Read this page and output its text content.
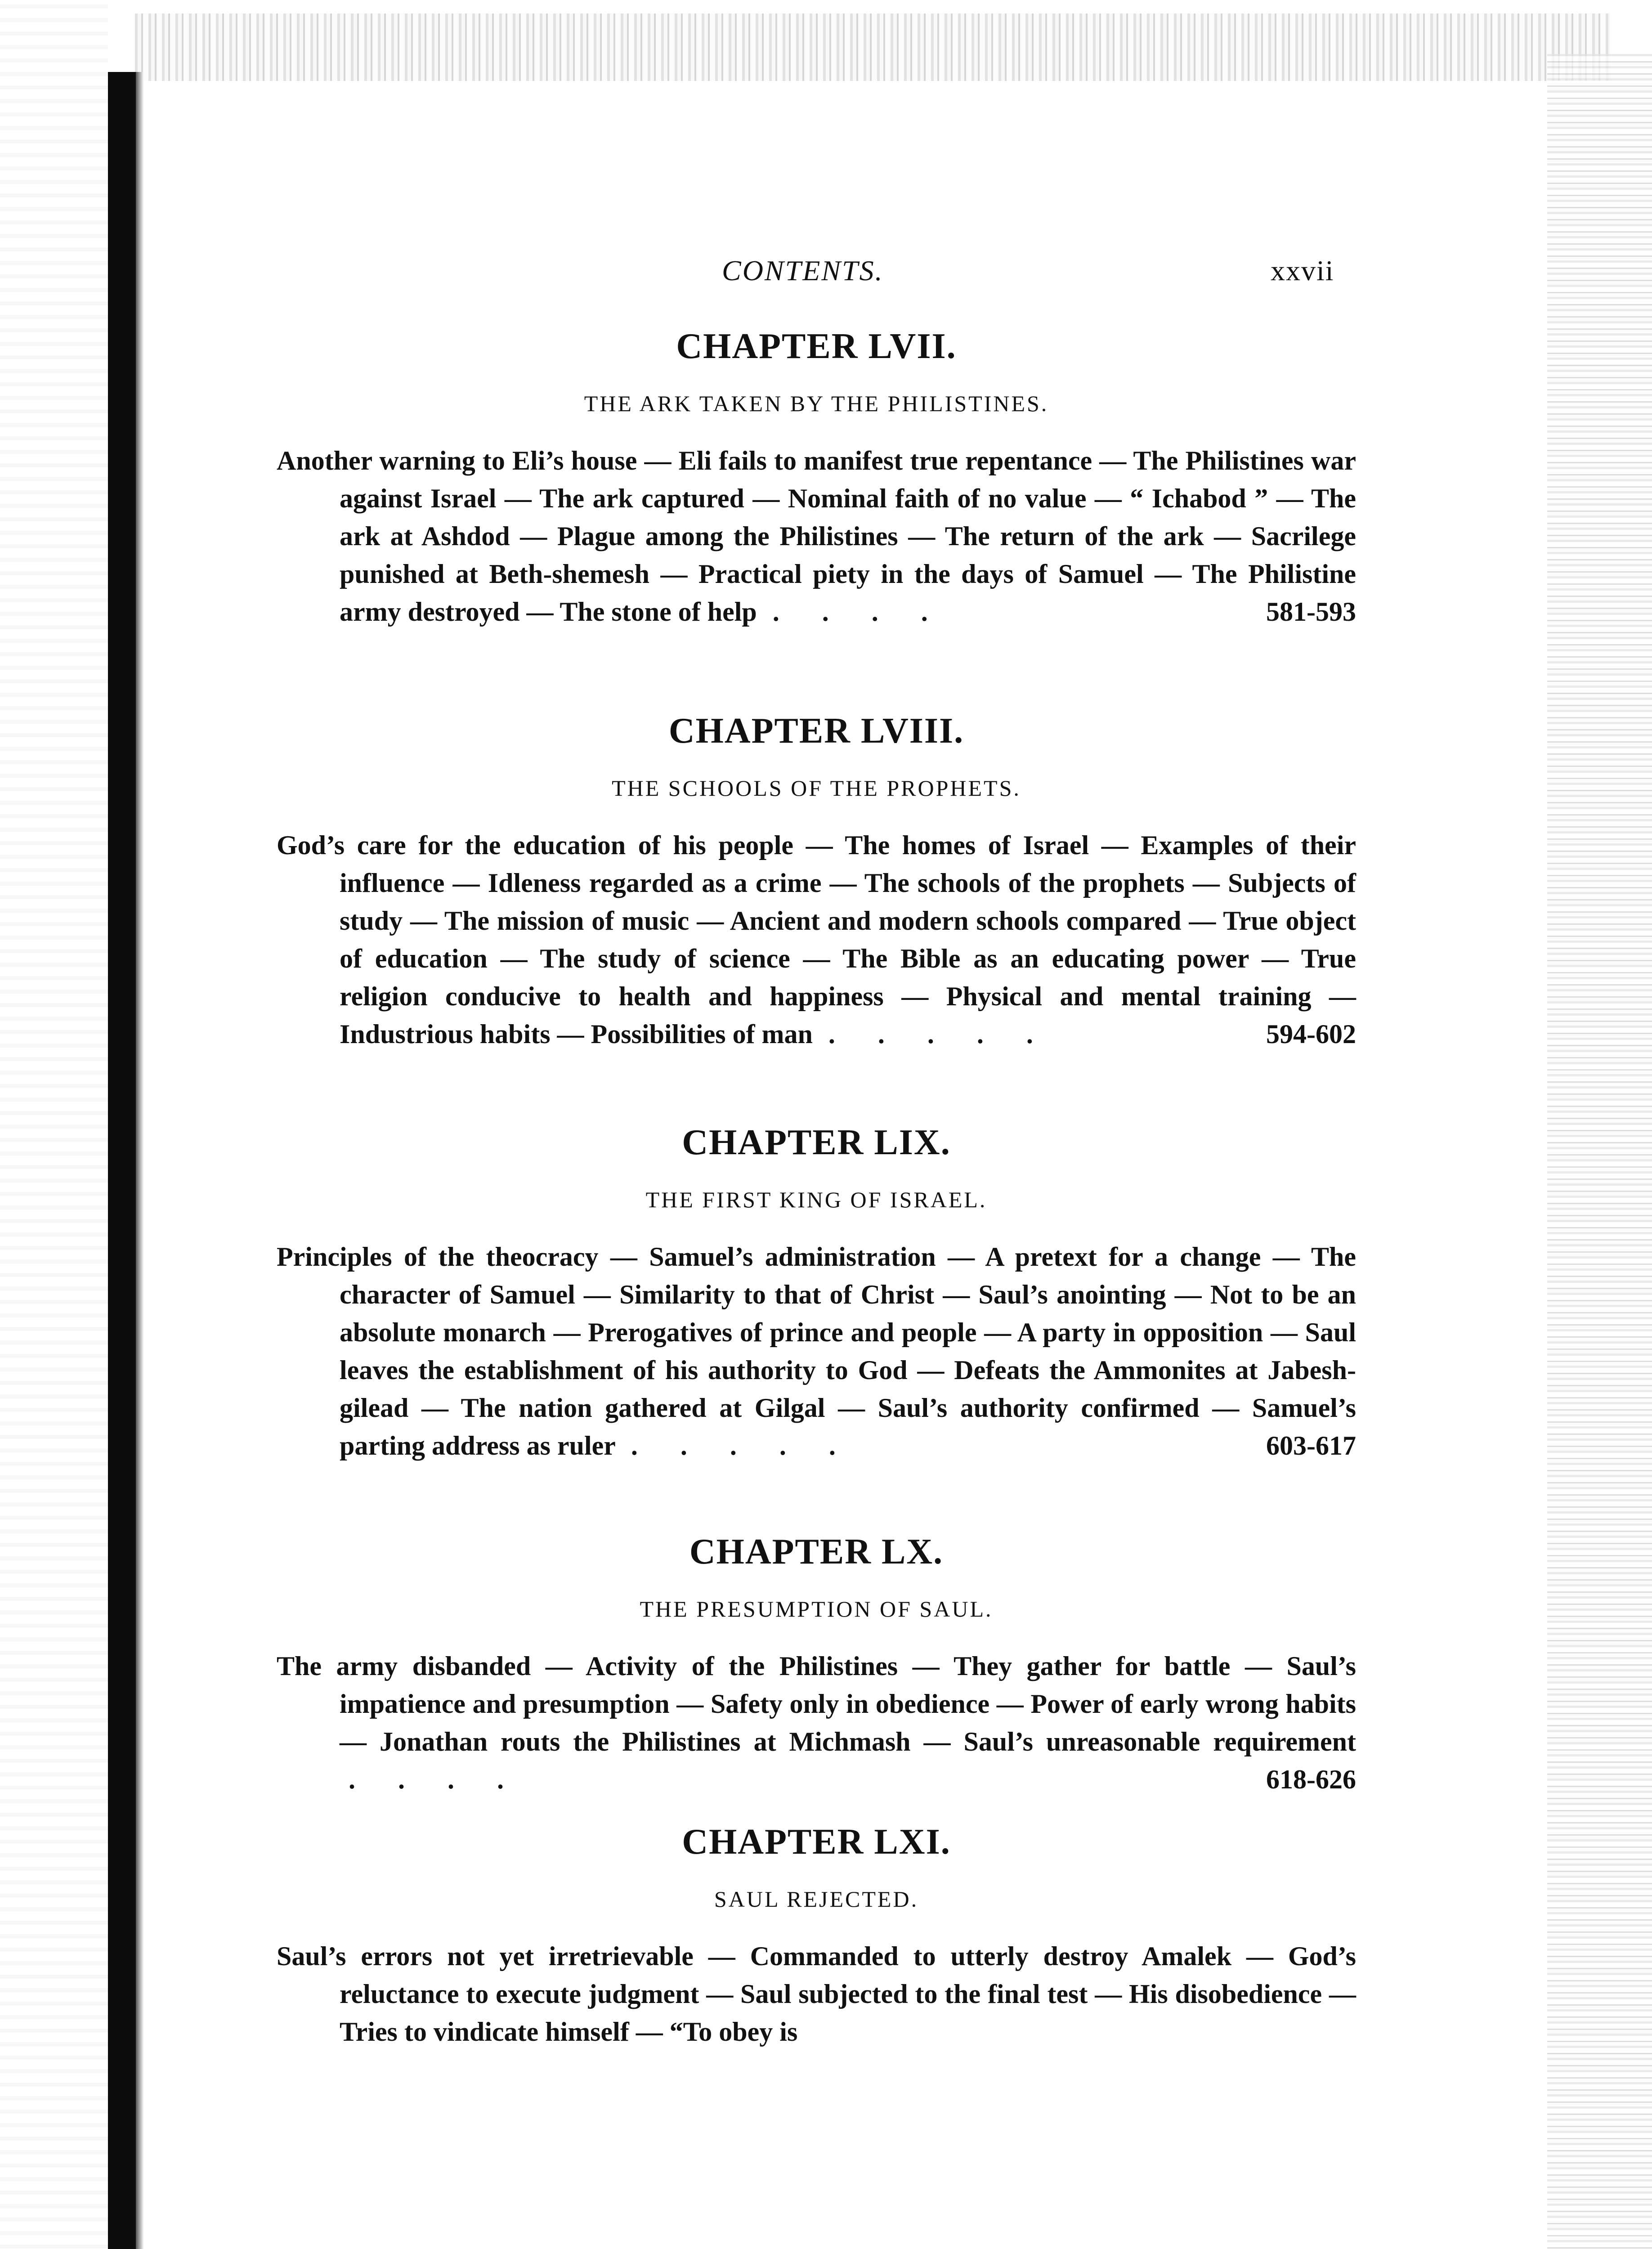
CONTENTS.	xxvii
CHAPTER LVII.
THE ARK TAKEN BY THE PHILISTINES.

Another warning to Eli’s house — Eli fails to manifest true repentance — The Philistines war against Israel — The ark captured — Nominal faith of no value — “ Ichabod ” — The ark at Ashdod — Plague among the Philistines — The return of the ark — Sacrilege punished at Beth-shemesh — Practical piety in the days of Samuel — The Philistine army destroyed — The stone of help . . . .	581-593

CHAPTER LVIII.
THE SCHOOLS OF THE PROPHETS.

God’s care for the education of his people — The homes of Israel — Examples of their influence — Idleness regarded as a crime — The schools of the prophets — Subjects of study — The mission of music — Ancient and modern schools compared — True object of education — The study of science — The Bible as an educating power — True religion conducive to health and happiness — Physical and mental training — Industrious habits — Possibilities of man . . . . .	594-602

CHAPTER LIX.
THE FIRST KING OF ISRAEL.

Principles of the theocracy — Samuel’s administration — A pretext for a change — The character of Samuel — Similarity to that of Christ — Saul’s anointing — Not to be an absolute monarch — Prerogatives of prince and people — A party in opposition — Saul leaves the establishment of his authority to God — Defeats the Ammonites at Jabesh-gilead — The nation gathered at Gilgal — Saul’s authority confirmed — Samuel’s parting address as ruler . . . . .	603-617

CHAPTER LX.
THE PRESUMPTION OF SAUL.

The army disbanded — Activity of the Philistines — They gather for battle — Saul’s impatience and presumption — Safety only in obedience — Power of early wrong habits — Jonathan routs the Philistines at Michmash — Saul’s unreasonable requirement . . . .	618-626

CHAPTER LXI.
SAUL REJECTED.

Saul’s errors not yet irretrievable — Commanded to utterly destroy Amalek — God’s reluctance to execute judgment — Saul subjected to the final test — His disobedience — Tries to vindicate himself — “To obey is
